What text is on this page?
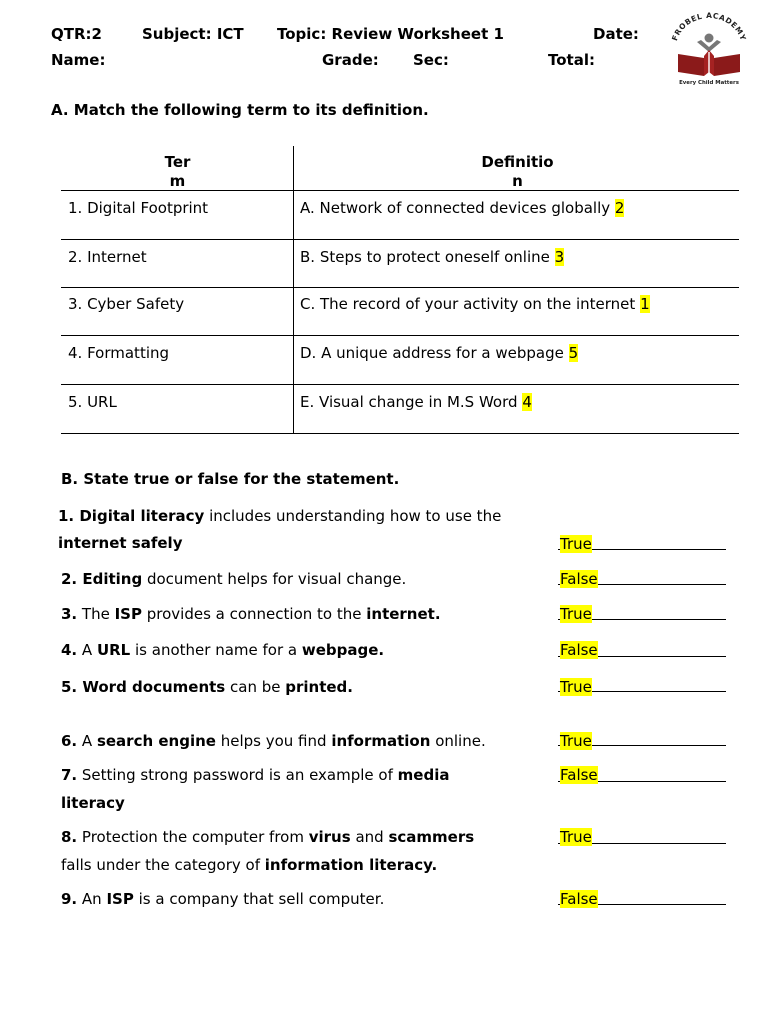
QTR:2	Subject: ICT Topic: Review Worksheet 1	Date:
Name:	Grade: Sec:	Total:
FROBEL ACADEMY
Every Child Matters
A. Match the following term to its definition.
Ter
m
Definitio
n
1. Digital Footprint	A. Network of connected devices globally 2
2. Internet	B. Steps to protect oneself online 3
3. Cyber Safety	C. The record of your activity on the internet 1
4. Formatting	D. A unique address for a webpage 5
5. URL	E. Visual change in M.S Word 4
B. State true or false for the statement.
1. Digital literacy includes understanding how to use the
internet safely	True
2. Editing document helps for visual change.	False
3. The ISP provides a connection to the internet.	True
4. A URL is another name for a webpage.	False
5. Word documents can be printed.	True
6. A search engine helps you find information online.	True
7. Setting strong password is an example of media
literacy
False
8. Protection the computer from virus and scammers
falls under the category of information literacy.
True
9. An ISP is a company that sell computer.	False
